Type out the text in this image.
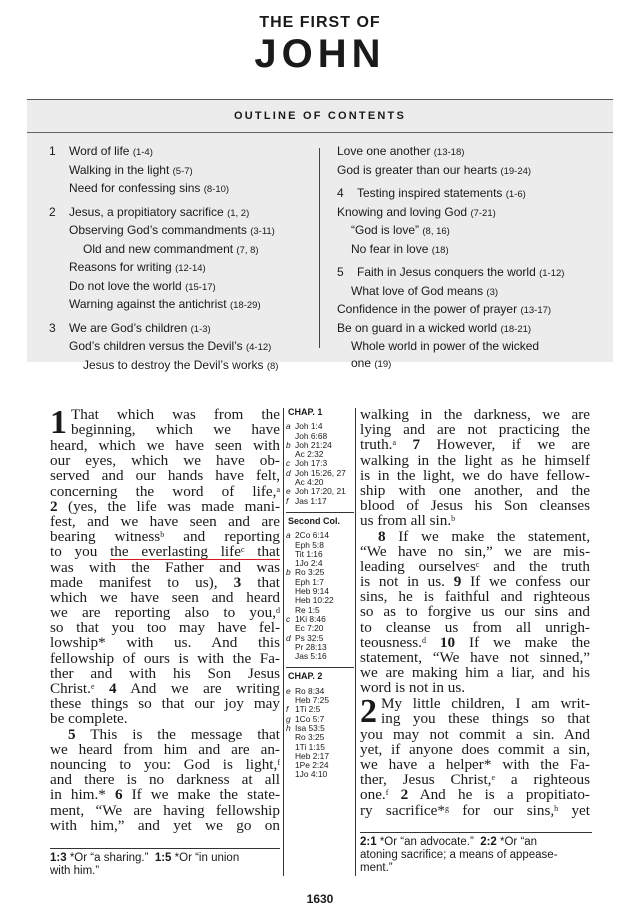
THE FIRST OF
JOHN
OUTLINE OF CONTENTS
1 Word of life (1-4)
Walking in the light (5-7)
Need for confessing sins (8-10)
2 Jesus, a propitiatory sacrifice (1, 2)
Observing God’s commandments (3-11)
Old and new commandment (7, 8)
Reasons for writing (12-14)
Do not love the world (15-17)
Warning against the antichrist (18-29)
3 We are God’s children (1-3)
God’s children versus the Devil’s (4-12)
Jesus to destroy the Devil’s works (8)
Love one another (13-18)
God is greater than our hearts (19-24)
4 Testing inspired statements (1-6)
Knowing and loving God (7-21)
“God is love” (8, 16)
No fear in love (18)
5 Faith in Jesus conquers the world (1-12)
What love of God means (3)
Confidence in the power of prayer (13-17)
Be on guard in a wicked world (18-21)
Whole world in power of the wicked
one (19)
1 That which was from the
beginning, which we have
heard, which we have seen with
our eyes, which we have ob-
served and our hands have felt,
concerning the word of life,$^a$
2 (yes, the life was made mani-
fest, and we have seen and are
bearing witness$^b$ and reporting
to you the everlasting life$^c$ that
was with the Father and was
made manifest to us), 3 that
which we have seen and heard
we are reporting also to you,$^d$
so that you too may have fel-
lowship* with us. And this
fellowship of ours is with the Fa-
ther and with his Son Jesus
Christ.$^e$ 4 And we are writing
these things so that our joy may
be complete.
5 This is the message that
we heard from him and are an-
nouncing to you: God is light,$^f$
and there is no darkness at all
in him.* 6 If we make the state-
ment, “We are having fellowship
with him,” and yet we go on
CHAP. 1
a Joh 1:4
Joh 6:68
b Joh 21:24
Ac 2:32
c Joh 17:3
d Joh 15:26, 27
Ac 4:20
e Joh 17:20, 21
f Jas 1:17
Second Col.
a 2Co 6:14
Eph 5:8
Tit 1:16
1Jo 2:4
b Ro 3:25
Eph 1:7
Heb 9:14
Heb 10:22
Re 1:5
c 1Ki 8:46
Ec 7:20
d Ps 32:5
Pr 28:13
Jas 5:16
CHAP. 2
e Ro 8:34
Heb 7:25
f 1Ti 2:5
g 1Co 5:7
h Isa 53:5
Ro 3:25
1Ti 1:15
Heb 2:17
1Pe 2:24
1Jo 4:10
walking in the darkness, we are
lying and are not practicing the
truth.$^a$ 7 However, if we are
walking in the light as he himself
is in the light, we do have fellow-
ship with one another, and the
blood of Jesus his Son cleanses
us from all sin.$^b$
8 If we make the statement,
“We have no sin,” we are mis-
leading ourselves$^c$ and the truth
is not in us. 9 If we confess our
sins, he is faithful and righteous
so as to forgive us our sins and
to cleanse us from all unrigh-
teousness.$^d$ 10 If we make the
statement, “We have not sinned,”
we are making him a liar, and his
word is not in us.
2 My little children, I am writ-
ing you these things so that
you may not commit a sin. And
yet, if anyone does commit a sin,
we have a helper* with the Fa-
ther, Jesus Christ,$^e$ a righteous
one.$^f$ 2 And he is a propitiato-
ry sacrifice*$^g$ for our sins,$^h$ yet
1:3 *Or “a sharing.” 1:5 *Or “in union
with him.”
2:1 *Or “an advocate.” 2:2 *Or “an
atoning sacrifice; a means of appease-
ment.”
1630
